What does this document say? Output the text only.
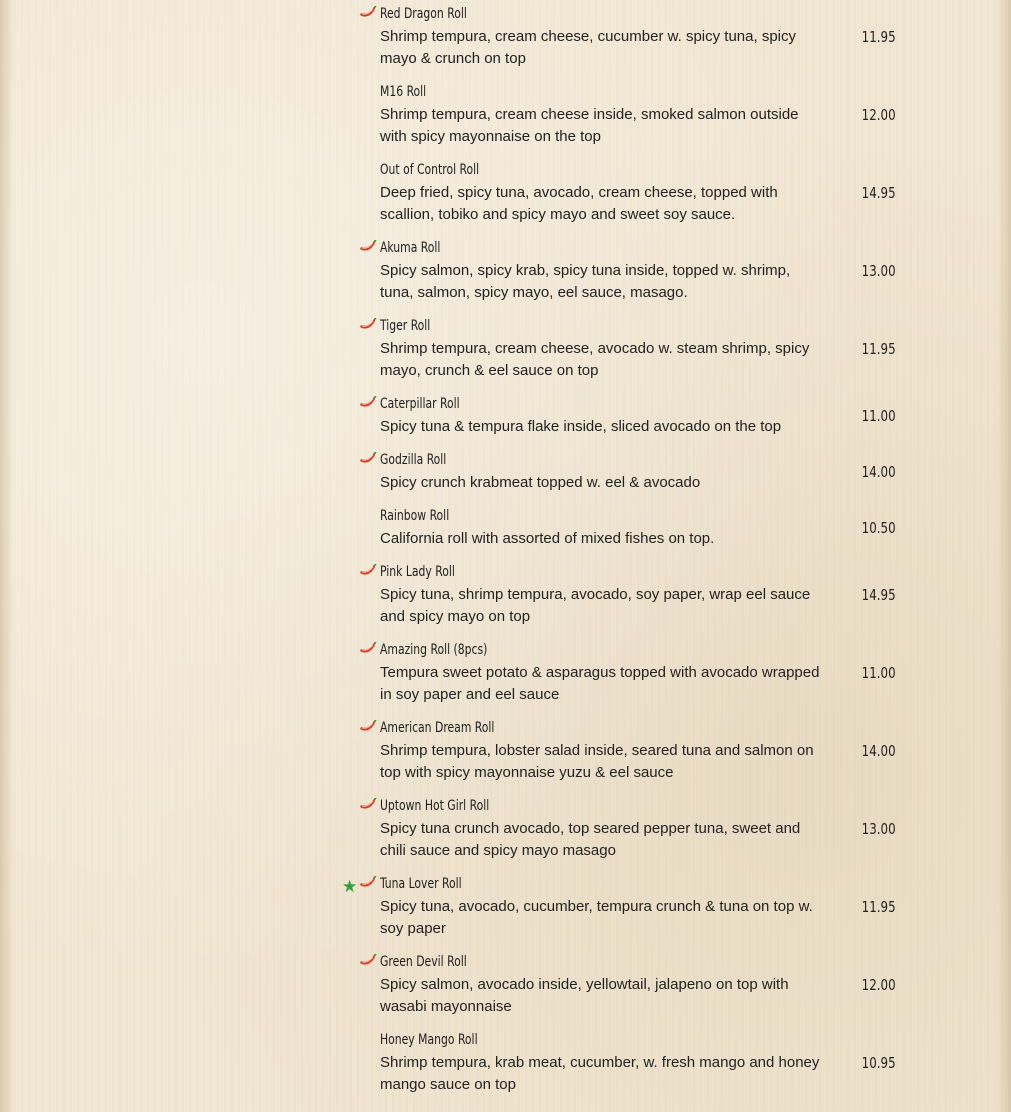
Red Dragon Roll
Shrimp tempura, cream cheese, cucumber w. spicy tuna, spicy mayo & crunch on top
11.95
M16 Roll
Shrimp tempura, cream cheese inside, smoked salmon outside with spicy mayonnaise on the top
12.00
Out of Control Roll
Deep fried, spicy tuna, avocado, cream cheese, topped with scallion, tobiko and spicy mayo and sweet soy sauce.
14.95
Akuma Roll
Spicy salmon, spicy krab, spicy tuna inside, topped w. shrimp, tuna, salmon, spicy mayo, eel sauce, masago.
13.00
Tiger Roll
Shrimp tempura, cream cheese, avocado w. steam shrimp, spicy mayo, crunch & eel sauce on top
11.95
Caterpillar Roll
Spicy tuna & tempura flake inside, sliced avocado on the top
11.00
Godzilla Roll
Spicy crunch krabmeat topped w. eel & avocado
14.00
Rainbow Roll
California roll with assorted of mixed fishes on top.
10.50
Pink Lady Roll
Spicy tuna, shrimp tempura, avocado, soy paper, wrap eel sauce and spicy mayo on top
14.95
Amazing Roll (8pcs)
Tempura sweet potato & asparagus topped with avocado wrapped in soy paper and eel sauce
11.00
American Dream Roll
Shrimp tempura, lobster salad inside, seared tuna and salmon on top with spicy mayonnaise yuzu & eel sauce
14.00
Uptown Hot Girl Roll
Spicy tuna crunch avocado, top seared pepper tuna, sweet and chili sauce and spicy mayo masago
13.00
★ Tuna Lover Roll
Spicy tuna, avocado, cucumber, tempura crunch & tuna on top w. soy paper
11.95
Green Devil Roll
Spicy salmon, avocado inside, yellowtail, jalapeno on top with wasabi mayonnaise
12.00
Honey Mango Roll
Shrimp tempura, krab meat, cucumber, w. fresh mango and honey mango sauce on top
10.95
